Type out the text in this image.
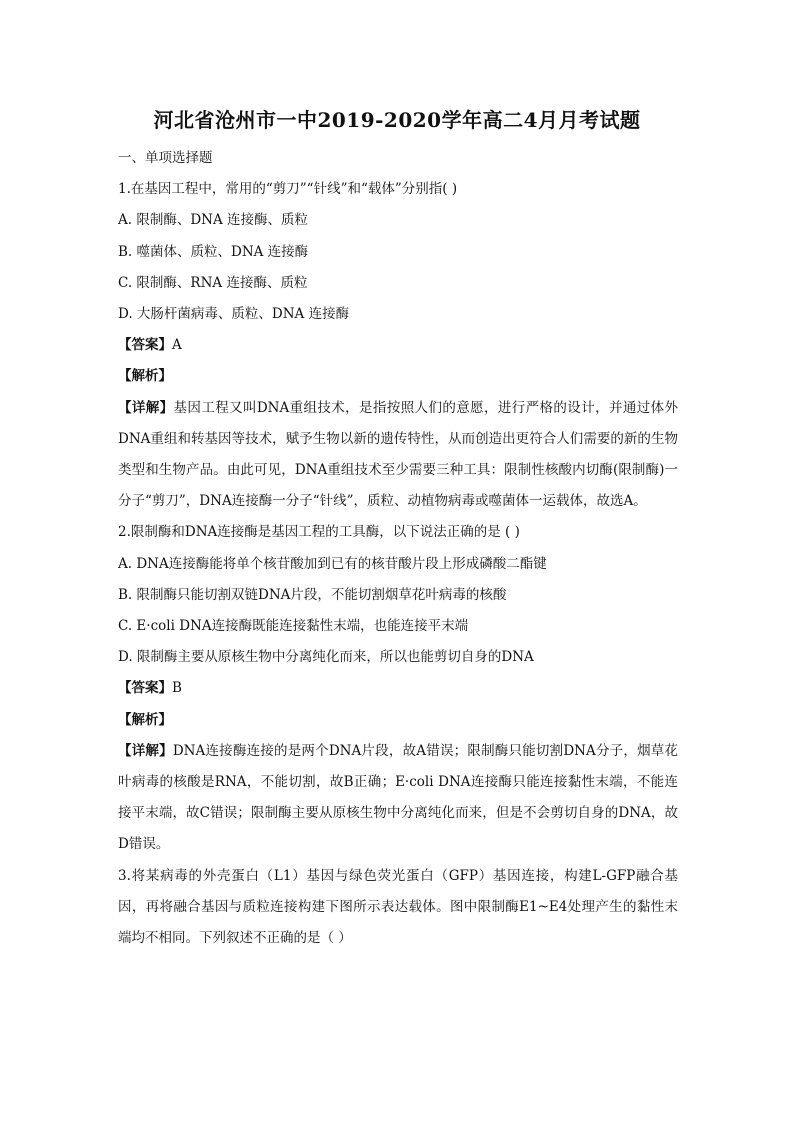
河北省沧州市一中2019-2020学年高二4月月考试题
一、单项选择题
1.在基因工程中，常用的“剪刀”“针线”和“载体”分别指( )
A. 限制酶、DNA 连接酶、质粒
B. 噬菌体、质粒、DNA 连接酶
C. 限制酶、RNA 连接酶、质粒
D. 大肠杆菌病毒、质粒、DNA 连接酶
【答案】A
【解析】
【详解】基因工程又叫DNA重组技术，是指按照人们的意愿，进行严格的设计，并通过体外DNA重组和转基因等技术，赋予生物以新的遗传特性，从而创造出更符合人们需要的新的生物类型和生物产品。由此可见，DNA重组技术至少需要三种工具：限制性核酸内切酶(限制酶)一分子“剪刀”，DNA连接酶一分子“针线”，质粒、动植物病毒或噬菌体一运载体，故选A。
2.限制酶和DNA连接酶是基因工程的工具酶，以下说法正确的是 ( )
A. DNA连接酶能将单个核苷酸加到已有的核苷酸片段上形成磷酸二酯键
B. 限制酶只能切割双链DNA片段，不能切割烟草花叶病毒的核酸
C. E·coli DNA连接酶既能连接黏性末端，也能连接平末端
D. 限制酶主要从原核生物中分离纯化而来，所以也能剪切自身的DNA
【答案】B
【解析】
【详解】DNA连接酶连接的是两个DNA片段，故A错误；限制酶只能切割DNA分子，烟草花叶病毒的核酸是RNA，不能切割，故B正确；E·coli DNA连接酶只能连接黏性末端，不能连接平末端，故C错误；限制酶主要从原核生物中分离纯化而来，但是不会剪切自身的DNA，故D错误。
3.将某病毒的外壳蛋白（L1）基因与绿色荧光蛋白（GFP）基因连接，构建L-GFP融合基因，再将融合基因与质粒连接构建下图所示表达载体。图中限制酶E1~E4处理产生的黏性末端均不相同。下列叙述不正确的是（ ）
